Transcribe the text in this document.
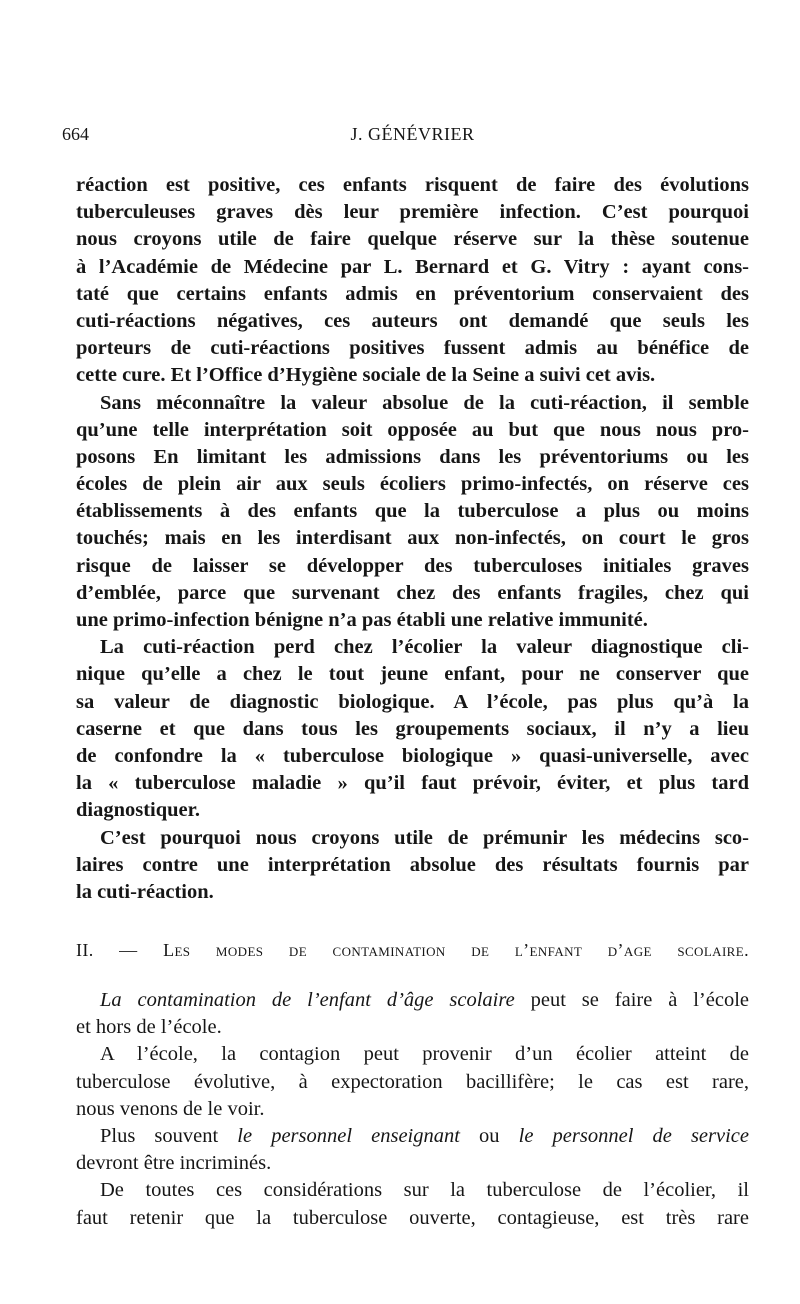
664	J. GÉNÉVRIER
réaction est positive, ces enfants risquent de faire des évolutions
tuberculeuses graves dès leur première infection. C’est pourquoi
nous croyons utile de faire quelque réserve sur la thèse soutenue
à l’Académie de Médecine par L. Bernard et G. Vitry : ayant cons-
taté que certains enfants admis en préventorium conservaient des
cuti-réactions négatives, ces auteurs ont demandé que seuls les
porteurs de cuti-réactions positives fussent admis au bénéfice de
cette cure. Et l’Office d’Hygiène sociale de la Seine a suivi cet avis.
Sans méconnaître la valeur absolue de la cuti-réaction, il semble
qu’une telle interprétation soit opposée au but que nous nous pro-
posons En limitant les admissions dans les préventoriums ou les
écoles de plein air aux seuls écoliers primo-infectés, on réserve ces
établissements à des enfants que la tuberculose a plus ou moins
touchés; mais en les interdisant aux non-infectés, on court le gros
risque de laisser se développer des tuberculoses initiales graves
d’emblée, parce que survenant chez des enfants fragiles, chez qui
une primo-infection bénigne n’a pas établi une relative immunité.
La cuti-réaction perd chez l’écolier la valeur diagnostique cli-
nique qu’elle a chez le tout jeune enfant, pour ne conserver que
sa valeur de diagnostic biologique. A l’école, pas plus qu’à la
caserne et que dans tous les groupements sociaux, il n’y a lieu
de confondre la « tuberculose biologique » quasi-universelle, avec
la « tuberculose maladie » qu’il faut prévoir, éviter, et plus tard
diagnostiquer.
C’est pourquoi nous croyons utile de prémunir les médecins sco-
laires contre une interprétation absolue des résultats fournis par
la cuti-réaction.
II. — Les modes de contamination de l’enfant d’age scolaire.
La contamination de l’enfant d’âge scolaire peut se faire à l’école
et hors de l’école.
A l’école, la contagion peut provenir d’un écolier atteint de
tuberculose évolutive, à expectoration bacillifère; le cas est rare,
nous venons de le voir.
Plus souvent le personnel enseignant ou le personnel de service
devront être incriminés.
De toutes ces considérations sur la tuberculose de l’écolier, il
faut retenir que la tuberculose ouverte, contagieuse, est très rare
